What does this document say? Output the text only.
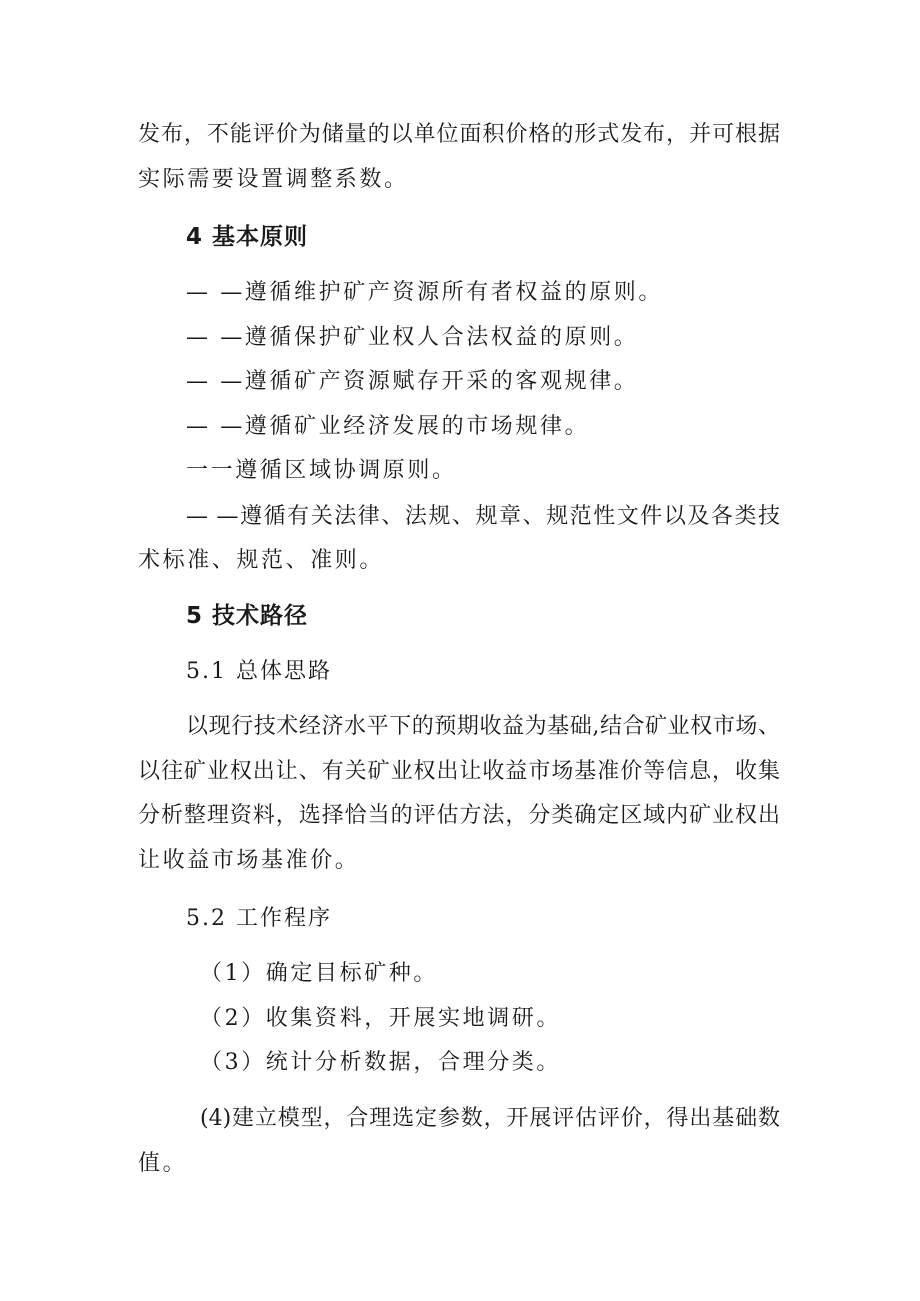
发布，不能评价为储量的以单位面积价格的形式发布，并可根据
实际需要设置调整系数。
4 基本原则
— —遵循维护矿产资源所有者权益的原则。
— —遵循保护矿业权人合法权益的原则。
— —遵循矿产资源赋存开采的客观规律。
— —遵循矿业经济发展的市场规律。
一一遵循区域协调原则。
— —遵循有关法律、法规、规章、规范性文件以及各类技
术标准、规范、准则。
5 技术路径
5.1 总体思路
以现行技术经济水平下的预期收益为基础,结合矿业权市场、
以往矿业权出让、有关矿业权出让收益市场基准价等信息，收集
分析整理资料，选择恰当的评估方法，分类确定区域内矿业权出
让收益市场基准价。
5.2 工作程序
（1）确定目标矿种。
（2）收集资料，开展实地调研。
（3）统计分析数据，合理分类。
(4)建立模型，合理选定参数，开展评估评价，得出基础数
值。
